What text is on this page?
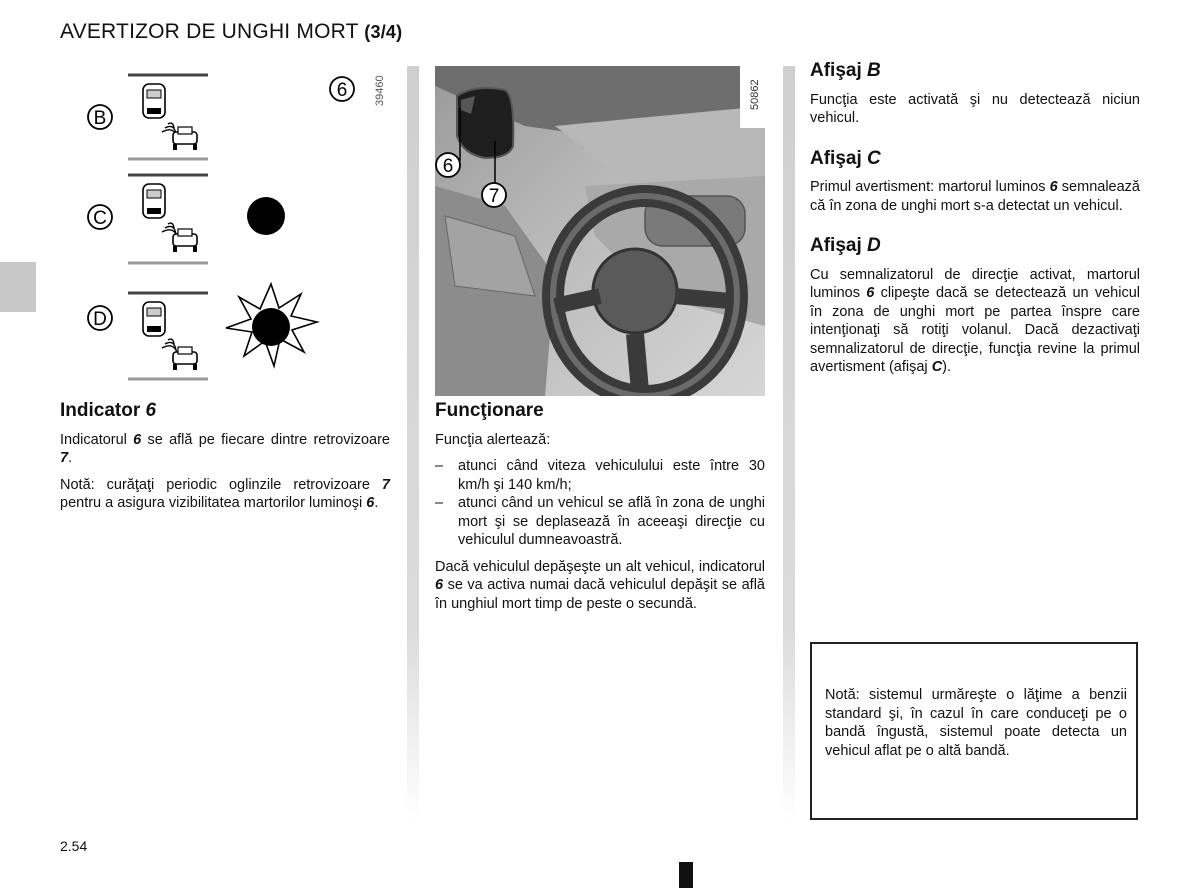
AVERTIZOR DE UNGHI MORT (3/4)
6 39460
B
C
D
6
7
50862
Indicator 6

Indicatorul 6 se află pe fiecare dintre retrovizoare 7.

Notă: curăţaţi periodic oglinzile retrovizoare 7 pentru a asigura vizibilitatea martorilor luminoşi 6.

Funcţionare

Funcţia alertează:

– atunci când viteza vehiculului este între 30 km/h şi 140 km/h;
– atunci când un vehicul se află în zona de unghi mort şi se deplasează în aceeaşi direcţie cu vehiculul dumneavoastră.

Dacă vehiculul depăşeşte un alt vehicul, indicatorul 6 se va activa numai dacă vehiculul depăşit se află în unghiul mort timp de peste o secundă.

Afişaj B

Funcţia este activată şi nu detectează niciun vehicul.

Afişaj C

Primul avertisment: martorul luminos 6 semnalează că în zona de unghi mort s-a detectat un vehicul.

Afişaj D

Cu semnalizatorul de direcţie activat, martorul luminos 6 clipeşte dacă se detectează un vehicul în zona de unghi mort pe partea înspre care intenţionaţi să rotiţi volanul. Dacă dezactivaţi semnalizatorul de direcţie, funcţia revine la primul avertisment (afişaj C).

Notă: sistemul urmăreşte o lăţime a benzii standard şi, în cazul în care conduceţi pe o bandă îngustă, sistemul poate detecta un vehicul aflat pe o altă bandă.

2.54
